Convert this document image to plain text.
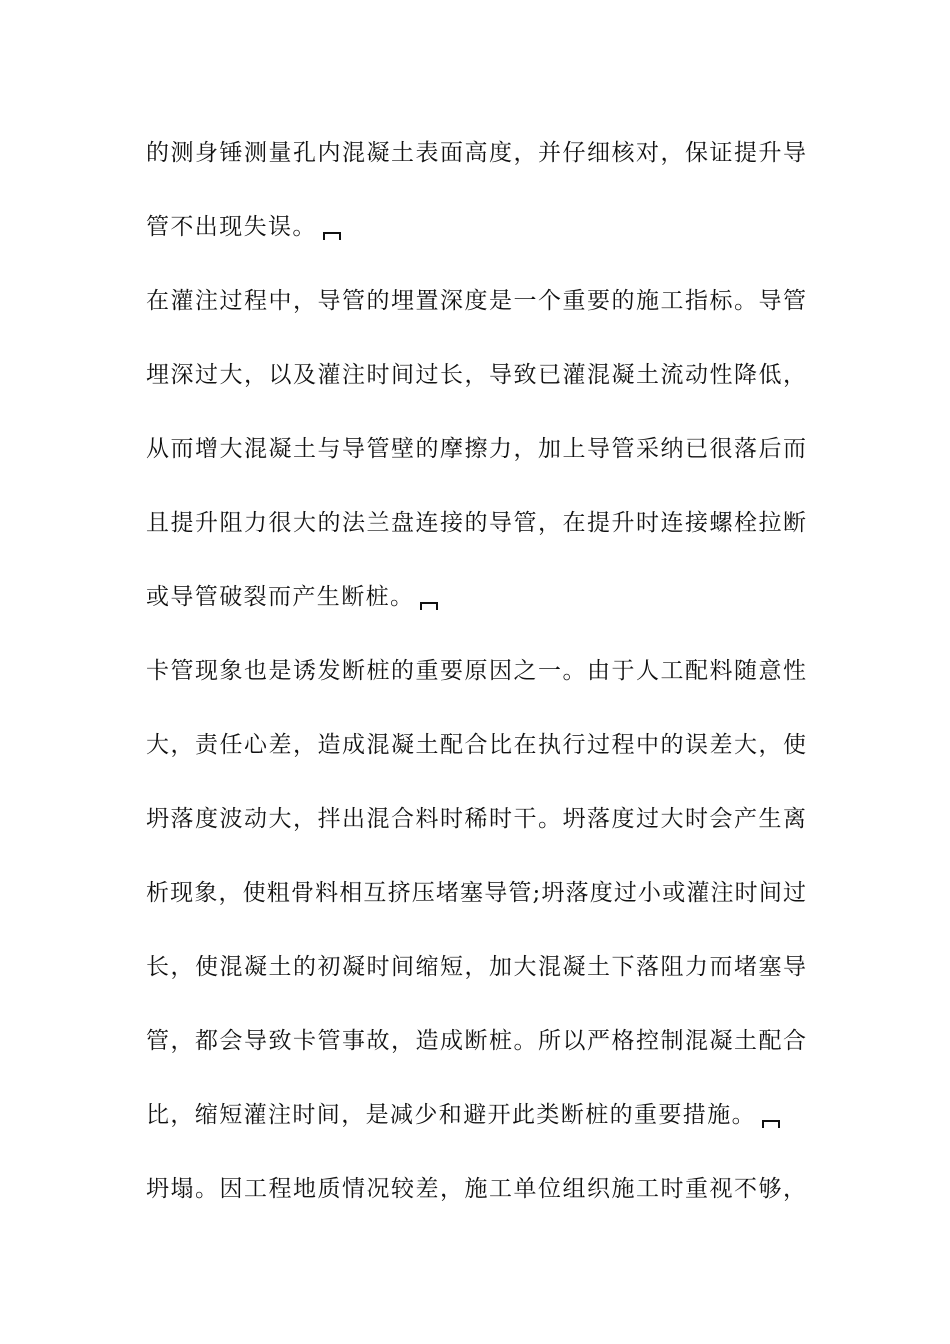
的测身锤测量孔内混凝土表面高度，并仔细核对，保证提升导
管不出现失误。
在灌注过程中，导管的埋置深度是一个重要的施工指标。导管
埋深过大，以及灌注时间过长，导致已灌混凝土流动性降低，
从而增大混凝土与导管壁的摩擦力，加上导管采纳已很落后而
且提升阻力很大的法兰盘连接的导管，在提升时连接螺栓拉断
或导管破裂而产生断桩。
卡管现象也是诱发断桩的重要原因之一。由于人工配料随意性
大，责任心差，造成混凝土配合比在执行过程中的误差大，使
坍落度波动大，拌出混合料时稀时干。坍落度过大时会产生离
析现象，使粗骨料相互挤压堵塞导管;坍落度过小或灌注时间过
长，使混凝土的初凝时间缩短，加大混凝土下落阻力而堵塞导
管，都会导致卡管事故，造成断桩。所以严格控制混凝土配合
比，缩短灌注时间，是减少和避开此类断桩的重要措施。
坍塌。因工程地质情况较差，施工单位组织施工时重视不够，
